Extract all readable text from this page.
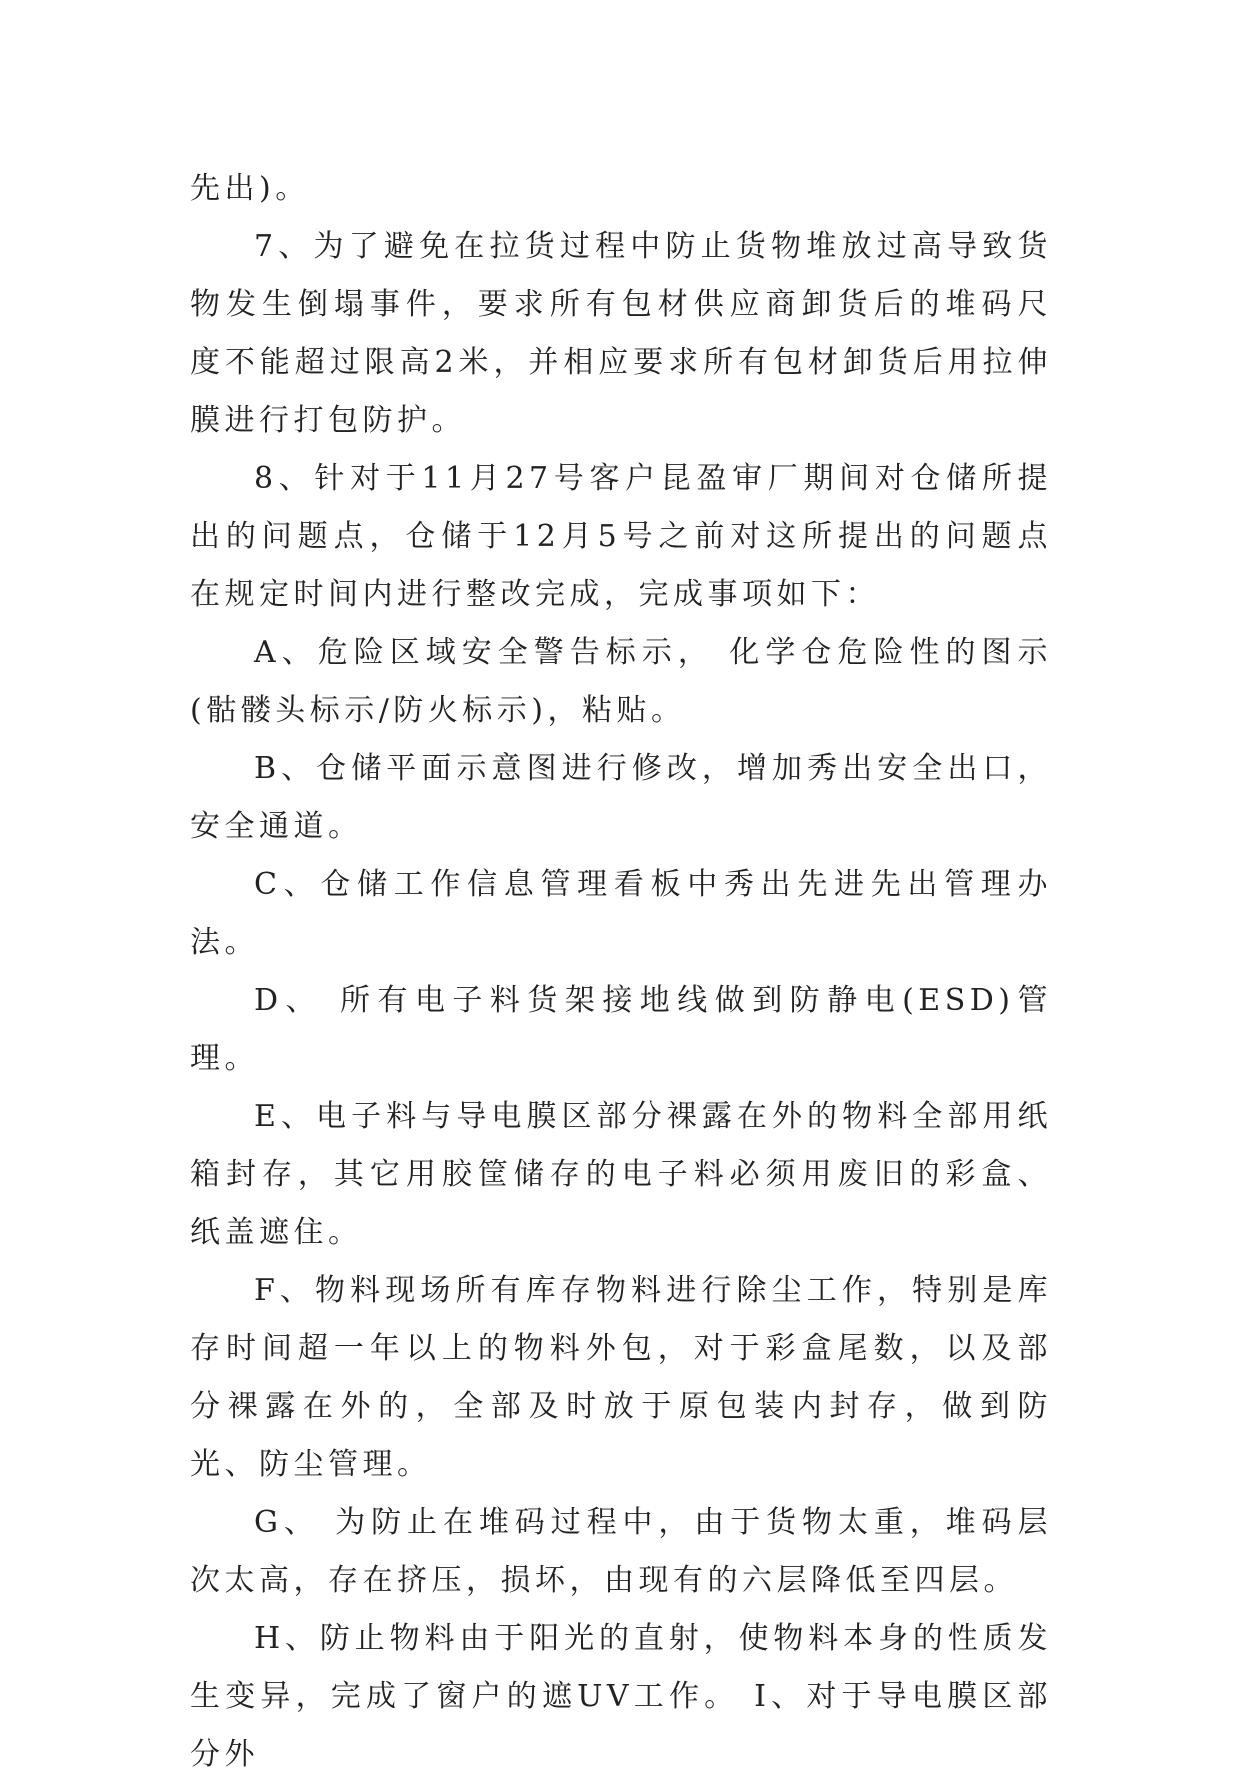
先出)。

7、为了避免在拉货过程中防止货物堆放过高导致货物发生倒塌事件，要求所有包材供应商卸货后的堆码尺度不能超过限高2米，并相应要求所有包材卸货后用拉伸膜进行打包防护。

8、针对于11月27号客户昆盈审厂期间对仓储所提出的问题点，仓储于12月5号之前对这所提出的问题点在规定时间内进行整改完成，完成事项如下：

A、危险区域安全警告标示， 化学仓危险性的图示(骷髅头标示/防火标示)，粘贴。

B、仓储平面示意图进行修改，增加秀出安全出口，安全通道。

C、仓储工作信息管理看板中秀出先进先出管理办法。

D、 所有电子料货架接地线做到防静电(ESD)管理。

E、电子料与导电膜区部分裸露在外的物料全部用纸箱封存，其它用胶筐储存的电子料必须用废旧的彩盒、纸盖遮住。

F、物料现场所有库存物料进行除尘工作，特别是库存时间超一年以上的物料外包，对于彩盒尾数，以及部分裸露在外的，全部及时放于原包装内封存，做到防光、防尘管理。

G、 为防止在堆码过程中，由于货物太重，堆码层次太高，存在挤压，损坏，由现有的六层降低至四层。

H、防止物料由于阳光的直射，使物料本身的性质发生变异，完成了窗户的遮UV工作。 I、对于导电膜区部分外
